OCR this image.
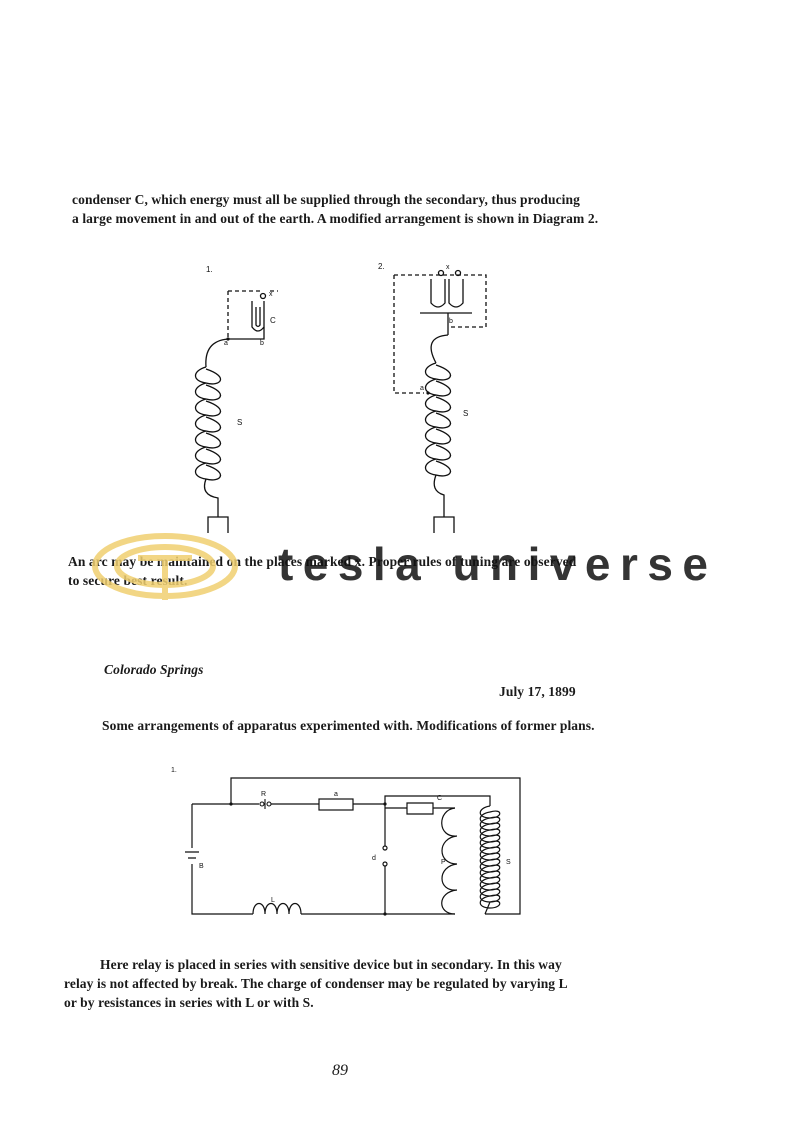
condenser C, which energy must all be supplied through the secondary, thus producing
a large movement in and out of the earth. A modified arrangement is shown in Diagram 2.
1.
x
C
a	b
S
2.	x
b
a
S
An arc may be maintained on the places marked x. Proper rules of tuning are observed
to secure best result.	tesla universe
Colorado Springs
July 17, 1899
Some arrangements of apparatus experimented with. Modifications of former plans.
1.
R	a
C
B
d
P	S
L
Here relay is placed in series with sensitive device but in secondary. In this way
relay is not affected by break. The charge of condenser may be regulated by varying L
or by resistances in series with L or with S.
89
